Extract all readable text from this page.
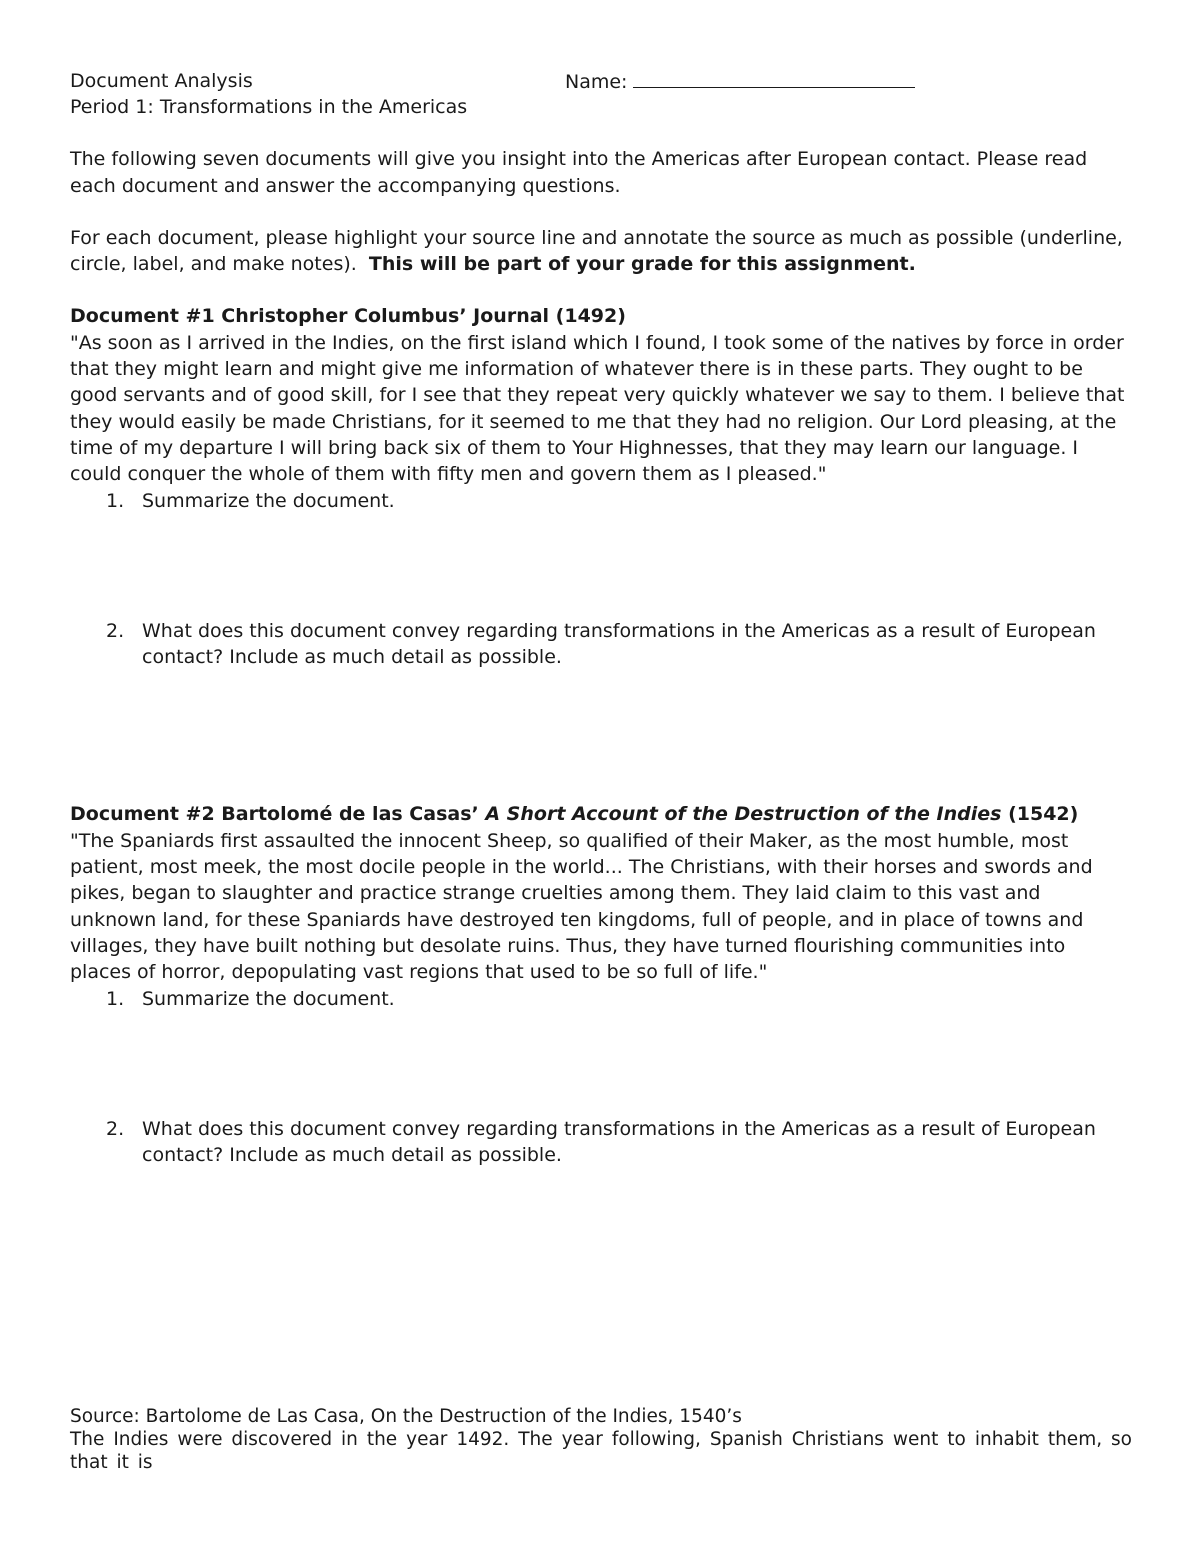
Document Analysis	Name:

Period 1: Transformations in the Americas

The following seven documents will give you insight into the Americas after European contact. Please read each document and answer the accompanying questions.

For each document, please highlight your source line and annotate the source as much as possible (underline, circle, label, and make notes). This will be part of your grade for this assignment.

Document #1 Christopher Columbus’ Journal (1492)

"As soon as I arrived in the Indies, on the first island which I found, I took some of the natives by force in order that they might learn and might give me information of whatever there is in these parts. They ought to be good servants and of good skill, for I see that they repeat very quickly whatever we say to them. I believe that they would easily be made Christians, for it seemed to me that they had no religion. Our Lord pleasing, at the time of my departure I will bring back six of them to Your Highnesses, that they may learn our language. I could conquer the whole of them with fifty men and govern them as I pleased."

1. Summarize the document.
2. What does this document convey regarding transformations in the Americas as a result of European contact? Include as much detail as possible.

Document #2 Bartolomé de las Casas’ A Short Account of the Destruction of the Indies (1542)

"The Spaniards first assaulted the innocent Sheep, so qualified of their Maker, as the most humble, most patient, most meek, the most docile people in the world... The Christians, with their horses and swords and pikes, began to slaughter and practice strange cruelties among them. They laid claim to this vast and unknown land, for these Spaniards have destroyed ten kingdoms, full of people, and in place of towns and villages, they have built nothing but desolate ruins. Thus, they have turned flourishing communities into places of horror, depopulating vast regions that used to be so full of life."

1. Summarize the document.
2. What does this document convey regarding transformations in the Americas as a result of European contact? Include as much detail as possible.

Source: Bartolome de Las Casa, On the Destruction of the Indies, 1540’s

The Indies were discovered in the year 1492. The year following, Spanish Christians went to inhabit them, so that it is
